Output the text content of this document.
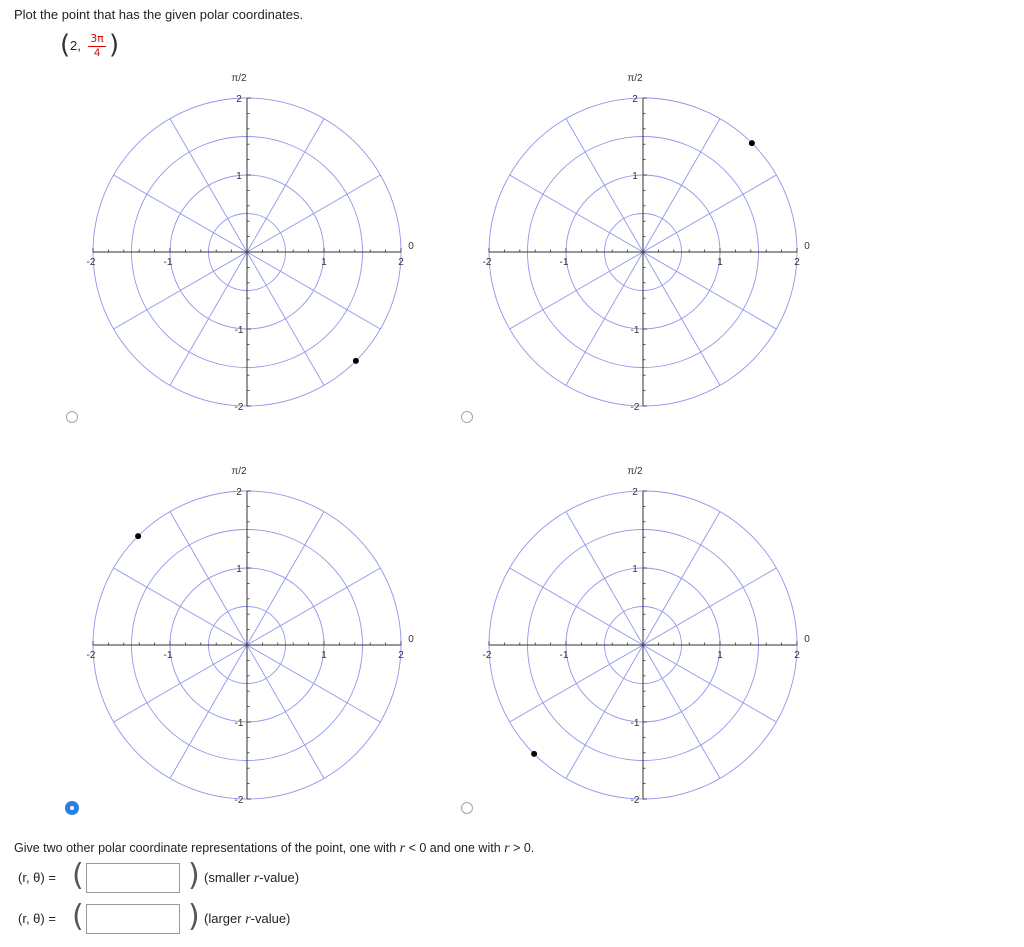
Plot the point that has the given polar coordinates.
( 2, $\frac{3\pi}{4}$ )
π/2
0
-2	-1	1	2
2
1
-1
-2
π/2
0
-2	-1	1	2
2
1
-1
-2
π/2
0
-2	-1	1	2
2
1
-1
-2
π/2
0
-2	-1	1	2
2
1
-1
-2
Give two other polar coordinate representations of the point, one with r < 0 and one with r > 0.
(r, θ) = (	) (smaller r-value)
(r, θ) = (	) (larger r-value)
